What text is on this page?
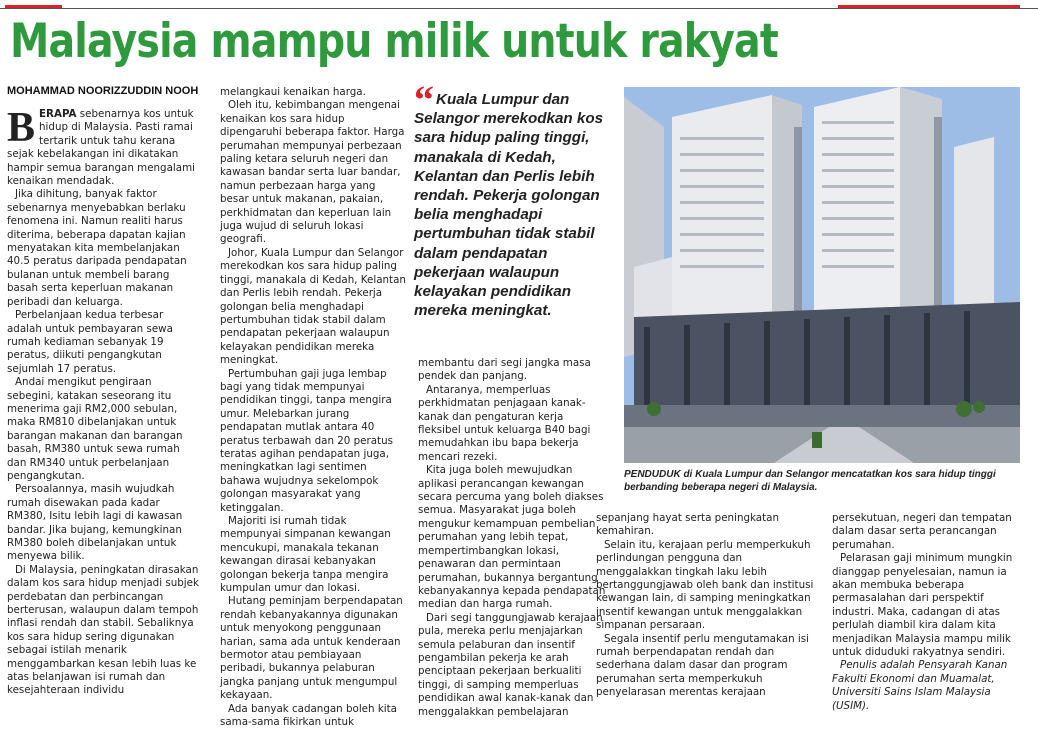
Malaysia mampu milik untuk rakyat
MOHAMMAD NOORIZZUDDIN NOOH

BERAPA sebenarnya kos untuk hidup di Malaysia. Pasti ramai tertarik untuk tahu kerana sejak kebelakangan ini dikatakan hampir semua barangan mengalami kenaikan mendadak.

Jika dihitung, banyak faktor sebenarnya menyebabkan berlaku fenomena ini. Namun realiti harus diterima, beberapa dapatan kajian menyatakan kita membelanjakan 40.5 peratus daripada pendapatan bulanan untuk membeli barang basah serta keperluan makanan peribadi dan keluarga.

Perbelanjaan kedua terbesar adalah untuk pembayaran sewa rumah kediaman sebanyak 19 peratus, diikuti pengangkutan sejumlah 17 peratus.

Andai mengikut pengiraan sebegini, katakan seseorang itu menerima gaji RM2,000 sebulan, maka RM810 dibelanjakan untuk barangan makanan dan barangan basah, RM380 untuk sewa rumah dan RM340 untuk perbelanjaan pengangkutan.

Persoalannya, masih wujudkah rumah disewakan pada kadar RM380, Isitu lebih lagi di kawasan bandar. Jika bujang, kemungkinan RM380 boleh dibelanjakan untuk menyewa bilik.

Di Malaysia, peningkatan dirasakan dalam kos sara hidup menjadi subjek perdebatan dan perbincangan berterusan, walaupun dalam tempoh inflasi rendah dan stabil. Sebaliknya kos sara hidup sering digunakan sebagai istilah menarik menggambarkan kesan lebih luas ke atas belanjawan isi rumah dan kesejahteraan individu

melangkaui kenaikan harga.

Oleh itu, kebimbangan mengenai kenaikan kos sara hidup dipengaruhi beberapa faktor. Harga perumahan mempunyai perbezaan paling ketara seluruh negeri dan kawasan bandar serta luar bandar, namun perbezaan harga yang besar untuk makanan, pakaian, perkhidmatan dan keperluan lain juga wujud di seluruh lokasi geografi.

Johor, Kuala Lumpur dan Selangor merekodkan kos sara hidup paling tinggi, manakala di Kedah, Kelantan dan Perlis lebih rendah. Pekerja golongan belia menghadapi pertumbuhan tidak stabil dalam pendapatan pekerjaan walaupun kelayakan pendidikan mereka meningkat.

Pertumbuhan gaji juga lembap bagi yang tidak mempunyai pendidikan tinggi, tanpa mengira umur. Melebarkan jurang pendapatan mutlak antara 40 peratus terbawah dan 20 peratus teratas agihan pendapatan juga, meningkatkan lagi sentimen bahawa wujudnya sekelompok golongan masyarakat yang ketinggalan.

Majoriti isi rumah tidak mempunyai simpanan kewangan mencukupi, manakala tekanan kewangan dirasai kebanyakan golongan bekerja tanpa mengira kumpulan umur dan lokasi.

Hutang peminjam berpendapatan rendah kebanyakannya digunakan untuk menyokong penggunaan harian, sama ada untuk kenderaan bermotor atau pembiayaan peribadi, bukannya pelaburan jangka panjang untuk mengumpul kekayaan.

Ada banyak cadangan boleh kita sama-sama fikirkan untuk

“ Kuala Lumpur dan Selangor merekodkan kos sara hidup paling tinggi, manakala di Kedah, Kelantan dan Perlis lebih rendah. Pekerja golongan belia menghadapi pertumbuhan tidak stabil dalam pendapatan pekerjaan walaupun kelayakan pendidikan mereka meningkat.

membantu dari segi jangka masa pendek dan panjang.

Antaranya, memperluas perkhidmatan penjagaan kanak-kanak dan pengaturan kerja fleksibel untuk keluarga B40 bagi memudahkan ibu bapa bekerja mencari rezeki.

Kita juga boleh mewujudkan aplikasi perancangan kewangan secara percuma yang boleh diakses semua. Masyarakat juga boleh mengukur kemampuan pembelian perumahan yang lebih tepat, mempertimbangkan lokasi, penawaran dan permintaan perumahan, bukannya bergantung kebanyakannya kepada pendapatan median dan harga rumah.

Dari segi tanggungjawab kerajaan pula, mereka perlu menjajarkan semula pelaburan dan insentif pengambilan pekerja ke arah penciptaan pekerjaan berkualiti tinggi, di samping memperluas pendidikan awal kanak-kanak dan menggalakkan pembelajaran

PENDUDUK di Kuala Lumpur dan Selangor mencatatkan kos sara hidup tinggi berbanding beberapa negeri di Malaysia.

sepanjang hayat serta peningkatan kemahiran.

Selain itu, kerajaan perlu memperkukuh perlindungan pengguna dan menggalakkan tingkah laku lebih bertanggungjawab oleh bank dan institusi kewangan lain, di samping meningkatkan insentif kewangan untuk menggalakkan simpanan persaraan.

Segala insentif perlu mengutamakan isi rumah berpendapatan rendah dan sederhana dalam dasar dan program perumahan serta memperkukuh penyelarasan merentas kerajaan

persekutuan, negeri dan tempatan dalam dasar serta perancangan perumahan.

Pelarasan gaji minimum mungkin dianggap penyelesaian, namun ia akan membuka beberapa permasalahan dari perspektif industri. Maka, cadangan di atas perlulah diambil kira dalam kita menjadikan Malaysia mampu milik untuk diduduki rakyatnya sendiri.

Penulis adalah Pensyarah Kanan Fakulti Ekonomi dan Muamalat, Universiti Sains Islam Malaysia (USIM).
